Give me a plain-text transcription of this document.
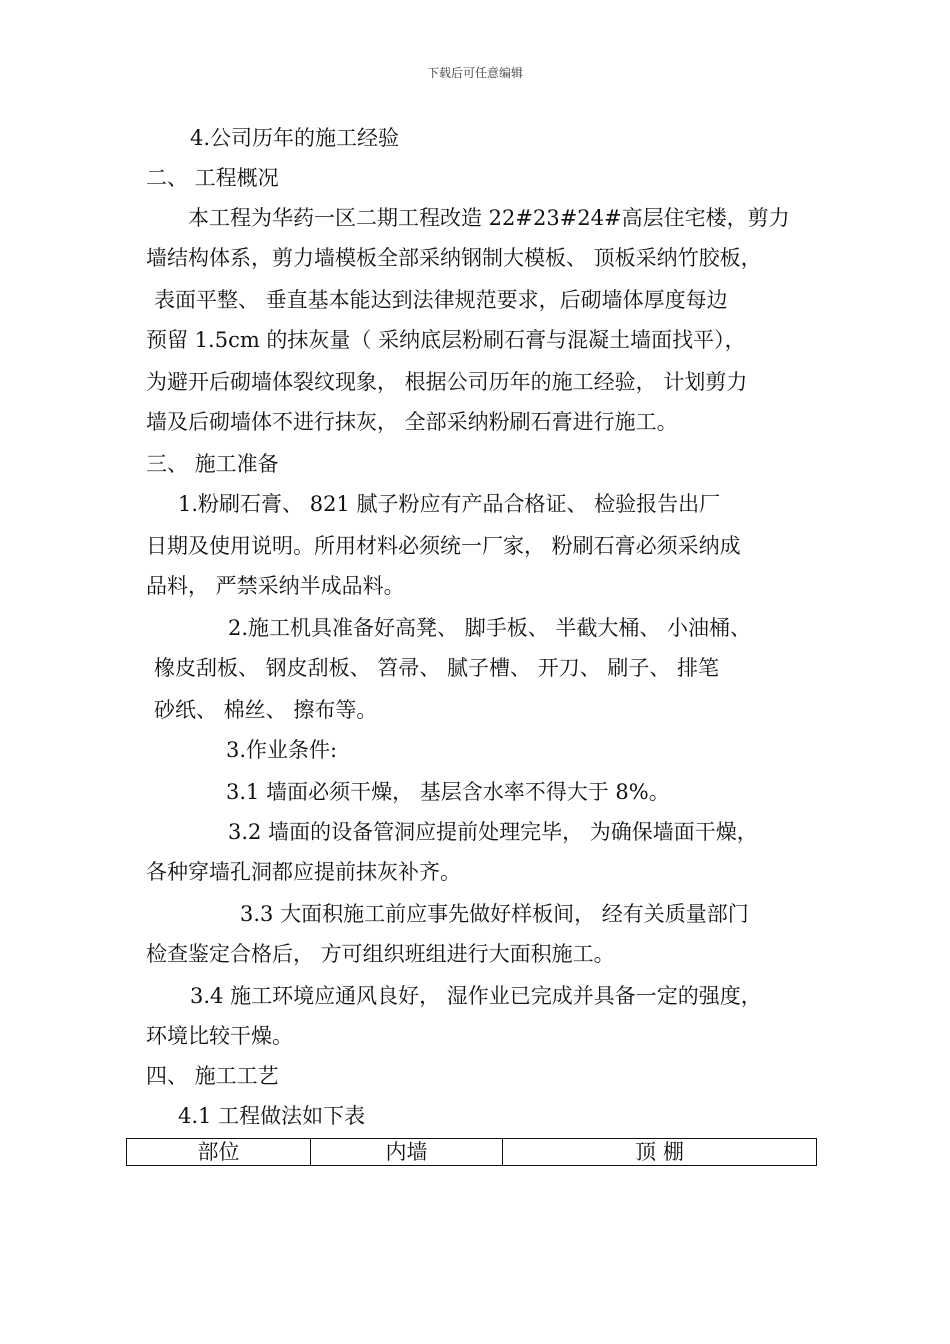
下载后可任意编辑
4.公司历年的施工经验
二、 工程概况
本工程为华药一区二期工程改造 22#23#24#高层住宅楼，剪力
墙结构体系，剪力墙模板全部采纳钢制大模板、 顶板采纳竹胶板，
表面平整、 垂直基本能达到法律规范要求，后砌墙体厚度每边
预留 1.5cm 的抹灰量（ 采纳底层粉刷石膏与混凝土墙面找平），
为避开后砌墙体裂纹现象， 根据公司历年的施工经验， 计划剪力
墙及后砌墙体不进行抹灰， 全部采纳粉刷石膏进行施工。
三、 施工准备
1.粉刷石膏、 821 腻子粉应有产品合格证、 检验报告出厂
日期及使用说明。所用材料必须统一厂家， 粉刷石膏必须采纳成
品料， 严禁采纳半成品料。
2.施工机具准备好高凳、 脚手板、 半截大桶、 小油桶、
橡皮刮板、 钢皮刮板、 笤帚、 腻子槽、 开刀、 刷子、 排笔
砂纸、 棉丝、 擦布等。
3.作业条件:
3.1 墙面必须干燥， 基层含水率不得大于 8%。
3.2 墙面的设备管洞应提前处理完毕， 为确保墙面干燥，
各种穿墙孔洞都应提前抹灰补齐。
3.3 大面积施工前应事先做好样板间， 经有关质量部门
检查鉴定合格后， 方可组织班组进行大面积施工。
3.4 施工环境应通风良好， 湿作业已完成并具备一定的强度，
环境比较干燥。
四、 施工工艺
4.1 工程做法如下表
部位	内墙	顶 棚
